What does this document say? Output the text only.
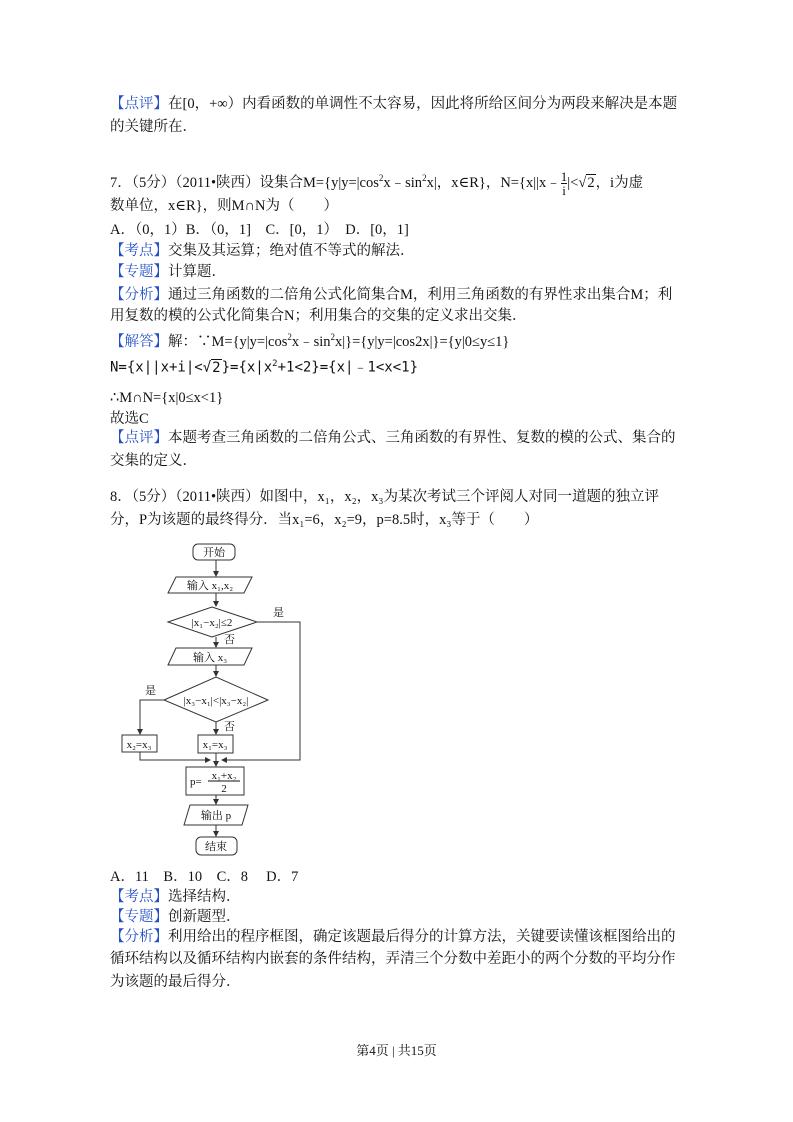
【点评】在[0，+∞）内看函数的单调性不太容易，因此将所给区间分为两段来解决是本题
的关键所在．
7．（5分）（2011•陕西）设集合$M=\{y|y=|\cos^2x﹣\sin^2x|$，x∈R}，N={x||x﹣ $\frac{1}{i} |<√2$，i为虚
数单位，x∈R}，则M∩N为（　　）
A．（0，1）B．（0，1]　C．[0，1）　D．[0，1]
【考点】交集及其运算；绝对值不等式的解法．
【专题】计算题．
【分析】通过三角函数的二倍角公式化简集合M，利用三角函数的有界性求出集合M；利
用复数的模的公式化简集合N；利用集合的交集的定义求出交集．
【解答】解：$\because M=\{y|y=|\cos^2x﹣\sin^2x|\}=\{y|y=|\cos 2x|\}=\{y|0\le y\le 1\}$
$N=\{x||x+i|<√2\}=\{x|x^2+1<2\}=\{x|﹣1<x<1\}$
∴M∩N={x|0≤x<1}
故选C
【点评】本题考查三角函数的二倍角公式、三角函数的有界性、复数的模的公式、集合的
交集的定义．
8．（5分）（2011•陕西）如图中，x₁，x₂，x₃为某次考试三个评阅人对同一道题的独立评
分，P为该题的最终得分．当x₁=6，x₂=9，p=8.5时，x₃等于（　　）
开始
输入 x₁,x₂
|x₁−x₂|≤2
是
否
输入 x₃
|x₃−x₁|<|x₃−x₂|
是
否
x₂=x₃	x₁=x₃
p= x₁+x₂
2
输出 p
结束
A．11　B．10　C．8　 D．7
【考点】选择结构．
【专题】创新题型．
【分析】利用给出的程序框图，确定该题最后得分的计算方法，关键要读懂该框图给出的
循环结构以及循环结构内嵌套的条件结构，弄清三个分数中差距小的两个分数的平均分作
为该题的最后得分．
第4页 | 共15页
